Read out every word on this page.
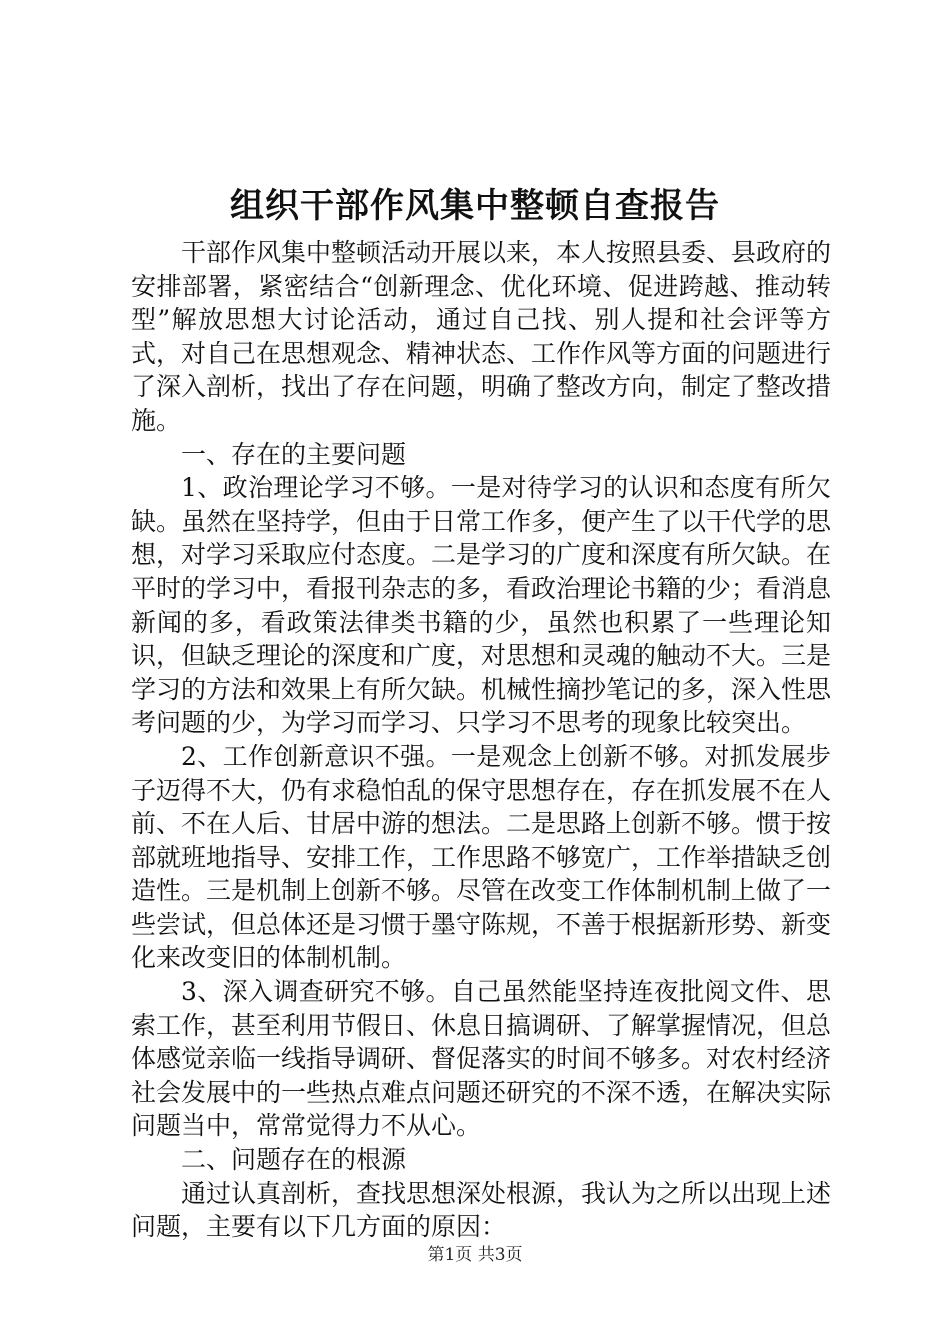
组织干部作风集中整顿自查报告

干部作风集中整顿活动开展以来，本人按照县委、县政府的安排部署，紧密结合“创新理念、优化环境、促进跨越、推动转型”解放思想大讨论活动，通过自己找、别人提和社会评等方式，对自己在思想观念、精神状态、工作作风等方面的问题进行了深入剖析，找出了存在问题，明确了整改方向，制定了整改措施。

一、存在的主要问题

1、政治理论学习不够。一是对待学习的认识和态度有所欠缺。虽然在坚持学，但由于日常工作多，便产生了以干代学的思想，对学习采取应付态度。二是学习的广度和深度有所欠缺。在平时的学习中，看报刊杂志的多，看政治理论书籍的少；看消息新闻的多，看政策法律类书籍的少，虽然也积累了一些理论知识，但缺乏理论的深度和广度，对思想和灵魂的触动不大。三是学习的方法和效果上有所欠缺。机械性摘抄笔记的多，深入性思考问题的少，为学习而学习、只学习不思考的现象比较突出。

2、工作创新意识不强。一是观念上创新不够。对抓发展步子迈得不大，仍有求稳怕乱的保守思想存在，存在抓发展不在人前、不在人后、甘居中游的想法。二是思路上创新不够。惯于按部就班地指导、安排工作，工作思路不够宽广，工作举措缺乏创造性。三是机制上创新不够。尽管在改变工作体制机制上做了一些尝试，但总体还是习惯于墨守陈规，不善于根据新形势、新变化来改变旧的体制机制。

3、深入调查研究不够。自己虽然能坚持连夜批阅文件、思索工作，甚至利用节假日、休息日搞调研、了解掌握情况，但总体感觉亲临一线指导调研、督促落实的时间不够多。对农村经济社会发展中的一些热点难点问题还研究的不深不透，在解决实际问题当中，常常觉得力不从心。

二、问题存在的根源

通过认真剖析，查找思想深处根源，我认为之所以出现上述问题，主要有以下几方面的原因：

第1页 共3页
